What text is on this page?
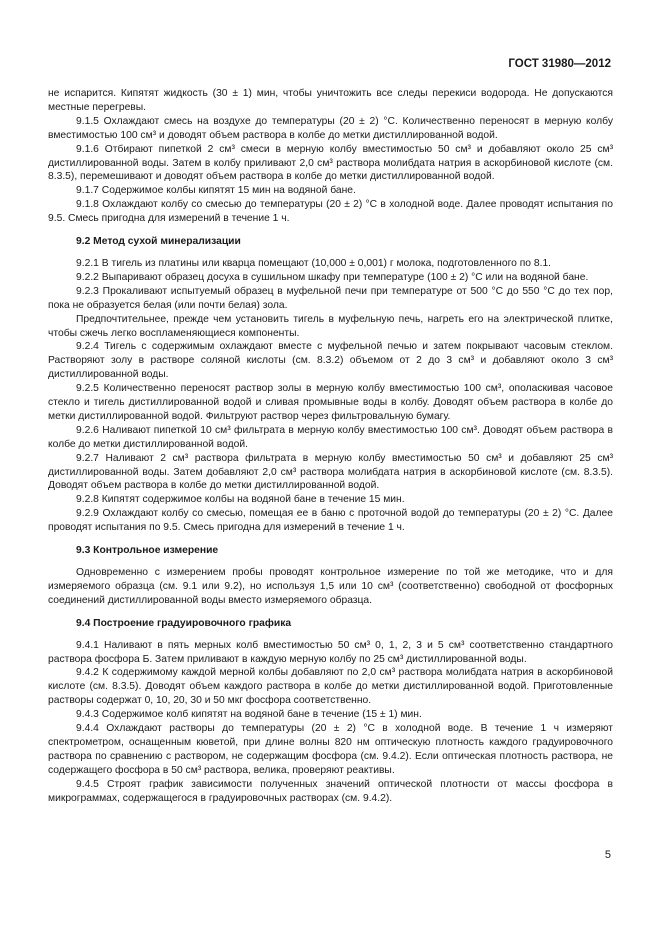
ГОСТ 31980—2012

не испарится. Кипятят жидкость (30 ± 1) мин, чтобы уничтожить все следы перекиси водорода. Не допускаются местные перегревы.

9.1.5 Охлаждают смесь на воздухе до температуры (20 ± 2) °С. Количественно переносят в мерную колбу вместимостью 100 см³ и доводят объем раствора в колбе до метки дистиллированной водой.

9.1.6 Отбирают пипеткой 2 см³ смеси в мерную колбу вместимостью 50 см³ и добавляют около 25 см³ дистиллированной воды. Затем в колбу приливают 2,0 см³ раствора молибдата натрия в аскорбиновой кислоте (см. 8.3.5), перемешивают и доводят объем раствора в колбе до метки дистиллированной водой.

9.1.7 Содержимое колбы кипятят 15 мин на водяной бане.

9.1.8 Охлаждают колбу со смесью до температуры (20 ± 2) °С в холодной воде. Далее проводят испытания по 9.5. Смесь пригодна для измерений в течение 1 ч.

9.2 Метод сухой минерализации

9.2.1 В тигель из платины или кварца помещают (10,000 ± 0,001) г молока, подготовленного по 8.1.

9.2.2 Выпаривают образец досуха в сушильном шкафу при температуре (100 ± 2) °С или на водяной бане.

9.2.3 Прокаливают испытуемый образец в муфельной печи при температуре от 500 °С до 550 °С до тех пор, пока не образуется белая (или почти белая) зола.

Предпочтительнее, прежде чем установить тигель в муфельную печь, нагреть его на электрической плитке, чтобы сжечь легко воспламеняющиеся компоненты.

9.2.4 Тигель с содержимым охлаждают вместе с муфельной печью и затем покрывают часовым стеклом. Растворяют золу в растворе соляной кислоты (см. 8.3.2) объемом от 2 до 3 см³ и добавляют около 3 см³ дистиллированной воды.

9.2.5 Количественно переносят раствор золы в мерную колбу вместимостью 100 см³, ополаскивая часовое стекло и тигель дистиллированной водой и сливая промывные воды в колбу. Доводят объем раствора в колбе до метки дистиллированной водой. Фильтруют раствор через фильтровальную бумагу.

9.2.6 Наливают пипеткой 10 см³ фильтрата в мерную колбу вместимостью 100 см³. Доводят объем раствора в колбе до метки дистиллированной водой.

9.2.7 Наливают 2 см³ раствора фильтрата в мерную колбу вместимостью 50 см³ и добавляют 25 см³ дистиллированной воды. Затем добавляют 2,0 см³ раствора молибдата натрия в аскорбиновой кислоте (см. 8.3.5). Доводят объем раствора в колбе до метки дистиллированной водой.

9.2.8 Кипятят содержимое колбы на водяной бане в течение 15 мин.

9.2.9 Охлаждают колбу со смесью, помещая ее в баню с проточной водой до температуры (20 ± 2) °С. Далее проводят испытания по 9.5. Смесь пригодна для измерений в течение 1 ч.

9.3 Контрольное измерение

Одновременно с измерением пробы проводят контрольное измерение по той же методике, что и для измеряемого образца (см. 9.1 или 9.2), но используя 1,5 или 10 см³ (соответственно) свободной от фосфорных соединений дистиллированной воды вместо измеряемого образца.

9.4 Построение градуировочного графика

9.4.1 Наливают в пять мерных колб вместимостью 50 см³ 0, 1, 2, 3 и 5 см³ соответственно стандартного раствора фосфора Б. Затем приливают в каждую мерную колбу по 25 см³ дистиллированной воды.

9.4.2 К содержимому каждой мерной колбы добавляют по 2,0 см³ раствора молибдата натрия в аскорбиновой кислоте (см. 8.3.5). Доводят объем каждого раствора в колбе до метки дистиллированной водой. Приготовленные растворы содержат 0, 10, 20, 30 и 50 мкг фосфора соответственно.

9.4.3 Содержимое колб кипятят на водяной бане в течение (15 ± 1) мин.

9.4.4 Охлаждают растворы до температуры (20 ± 2) °С в холодной воде. В течение 1 ч измеряют спектрометром, оснащенным кюветой, при длине волны 820 нм оптическую плотность каждого градуировочного раствора по сравнению с раствором, не содержащим фосфора (см. 9.4.2). Если оптическая плотность раствора, не содержащего фосфора в 50 см³ раствора, велика, проверяют реактивы.

9.4.5 Строят график зависимости полученных значений оптической плотности от массы фосфора в микрограммах, содержащегося в градуировочных растворах (см. 9.4.2).

5
